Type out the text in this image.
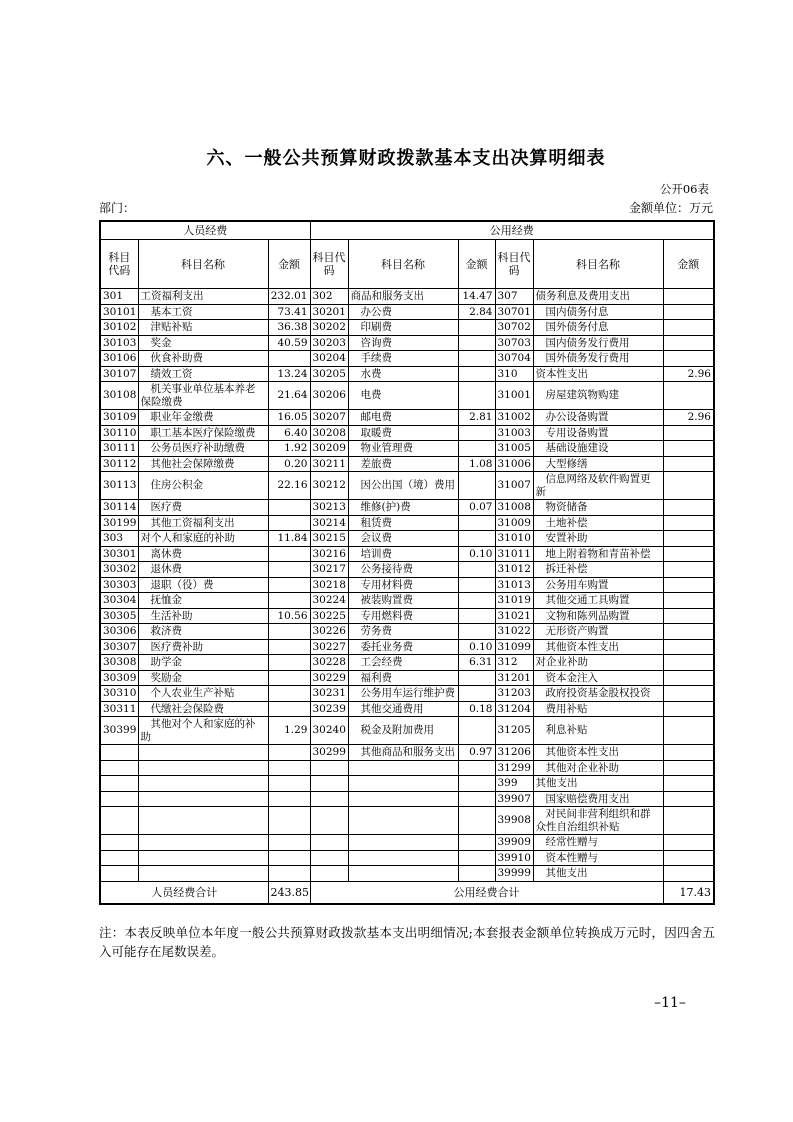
六、一般公共预算财政拨款基本支出决算明细表
公开06表
部门：	金额单位：万元
人员经费			公用经费					
科目代码	科目名称	金额	科目代码	科目名称	金额	科目代码	科目名称	金额
301	工资福利支出	232.01	302	商品和服务支出	14.47	307	债务利息及费用支出	
30101	基本工资	73.41	30201	办公费	2.84	30701	国内债务付息	
30102	津贴补贴	36.38	30202	印刷费		30702	国外债务付息	
30103	奖金	40.59	30203	咨询费		30703	国内债务发行费用	
30106	伙食补助费		30204	手续费		30704	国外债务发行费用	
30107	绩效工资	13.24	30205	水费		310	资本性支出	2.96
30108	机关事业单位基本养老保险缴费	21.64	30206	电费		31001	房屋建筑物购建	
30109	职业年金缴费	16.05	30207	邮电费	2.81	31002	办公设备购置	2.96
30110	职工基本医疗保险缴费	6.40	30208	取暖费		31003	专用设备购置	
30111	公务员医疗补助缴费	1.92	30209	物业管理费		31005	基础设施建设	
30112	其他社会保障缴费	0.20	30211	差旅费	1.08	31006	大型修缮	
30113	住房公积金	22.16	30212	因公出国（境）费用		31007	信息网络及软件购置更新	
30114	医疗费		30213	维修(护)费	0.07	31008	物资储备	
30199	其他工资福利支出		30214	租赁费		31009	土地补偿	
303	对个人和家庭的补助	11.84	30215	会议费		31010	安置补助	
30301	离休费		30216	培训费	0.10	31011	地上附着物和青苗补偿	
30302	退休费		30217	公务接待费		31012	拆迁补偿	
30303	退职（役）费		30218	专用材料费		31013	公务用车购置	
30304	抚恤金		30224	被装购置费		31019	其他交通工具购置	
30305	生活补助	10.56	30225	专用燃料费		31021	文物和陈列品购置	
30306	救济费		30226	劳务费		31022	无形资产购置	
30307	医疗费补助		30227	委托业务费	0.10	31099	其他资本性支出	
30308	助学金		30228	工会经费	6.31	312	对企业补助	
30309	奖励金		30229	福利费		31201	资本金注入	
30310	个人农业生产补贴		30231	公务用车运行维护费		31203	政府投资基金股权投资	
30311	代缴社会保险费		30239	其他交通费用	0.18	31204	费用补贴	
30399	其他对个人和家庭的补助	1.29	30240	税金及附加费用		31205	利息补贴	
			30299	其他商品和服务支出	0.97	31206	其他资本性支出	
						31299	其他对企业补助	
						399	其他支出	
						39907	国家赔偿费用支出	
						39908	对民间非营利组织和群众性自治组织补贴	
						39909	经常性赠与	
						39910	资本性赠与	
						39999	其他支出	
人员经费合计		243.85	公用经费合计					17.43
注：本表反映单位本年度一般公共预算财政拨款基本支出明细情况;本套报表金额单位转换成万元时，因四舍五入可能存在尾数误差。
–11–
